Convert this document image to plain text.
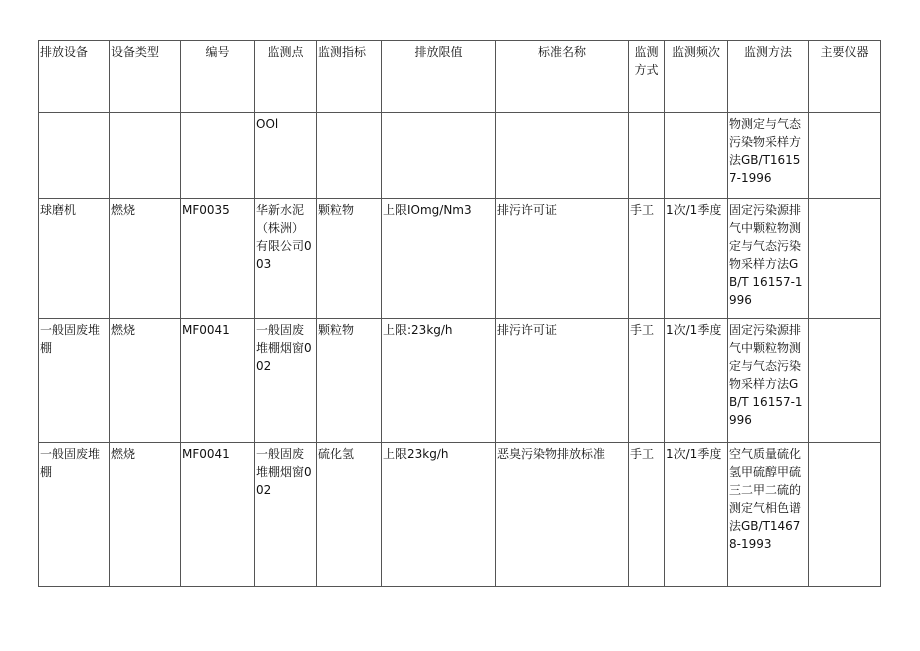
排放设备	设备类型	编号	监测点	监测指标	排放限值	标准名称	监测方式	监测频次	监测方法	主要仪器
			OOl						物测定与气态污染物采样方法GB/T16157-1996	
球磨机	燃烧	MF0035	华新水泥（株洲）有限公司003	颗粒物	上限IOmg/Nm3	排污许可证	手工	1次/1季度	固定污染源排气中颗粒物测定与气态污染物采样方法GB/T 16157-1996	
一般固废堆棚	燃烧	MF0041	一般固废堆棚烟窗002	颗粒物	上限:23kg/h	排污许可证	手工	1次/1季度	固定污染源排气中颗粒物测定与气态污染物采样方法GB/T 16157-1996	
一般固废堆棚	燃烧	MF0041	一般固废堆棚烟窗002	硫化氢	上限23kg∕h	恶臭污染物排放标准	手工	1次/1季度	空气质量硫化氢甲硫醇甲硫三二甲二硫的测定气相色谱法GB/T14678-1993	
